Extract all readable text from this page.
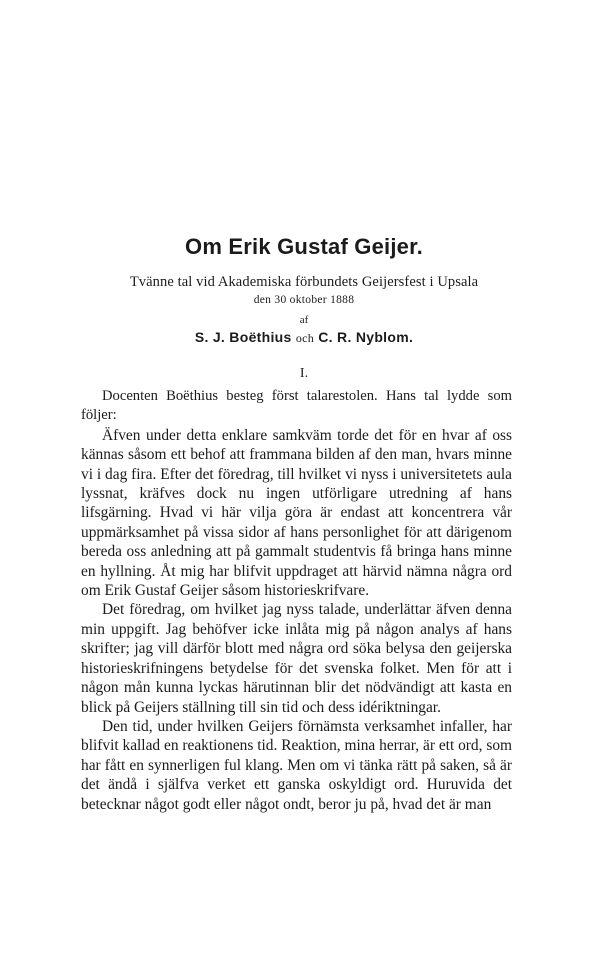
Om Erik Gustaf Geijer.
Tvänne tal vid Akademiska förbundets Geijersfest i Upsala
den 30 oktober 1888
af
S. J. Boëthius och C. R. Nyblom.
I.

Docenten Boëthius besteg först talarestolen. Hans tal lydde som följer:

Äfven under detta enklare samkväm torde det för en hvar af oss kännas såsom ett behof att frammana bilden af den man, hvars minne vi i dag fira. Efter det föredrag, till hvilket vi nyss i universitetets aula lyssnat, kräfves dock nu ingen utförligare utredning af hans lifsgärning. Hvad vi här vilja göra är endast att koncentrera vår uppmärksamhet på vissa sidor af hans personlighet för att därigenom bereda oss anledning att på gammalt studentvis få bringa hans minne en hyllning. Åt mig har blifvit uppdraget att härvid nämna några ord om Erik Gustaf Geijer såsom historieskrifvare.

Det föredrag, om hvilket jag nyss talade, underlättar äfven denna min uppgift. Jag behöfver icke inlåta mig på någon analys af hans skrifter; jag vill därför blott med några ord söka belysa den geijerska historieskrifningens betydelse för det svenska folket. Men för att i någon mån kunna lyckas härutinnan blir det nödvändigt att kasta en blick på Geijers ställning till sin tid och dess idériktningar.

Den tid, under hvilken Geijers förnämsta verksamhet infaller, har blifvit kallad en reaktionens tid. Reaktion, mina herrar, är ett ord, som har fått en synnerligen ful klang. Men om vi tänka rätt på saken, så är det ändå i själfva verket ett ganska oskyldigt ord. Huruvida det betecknar något godt eller något ondt, beror ju på, hvad det är man
